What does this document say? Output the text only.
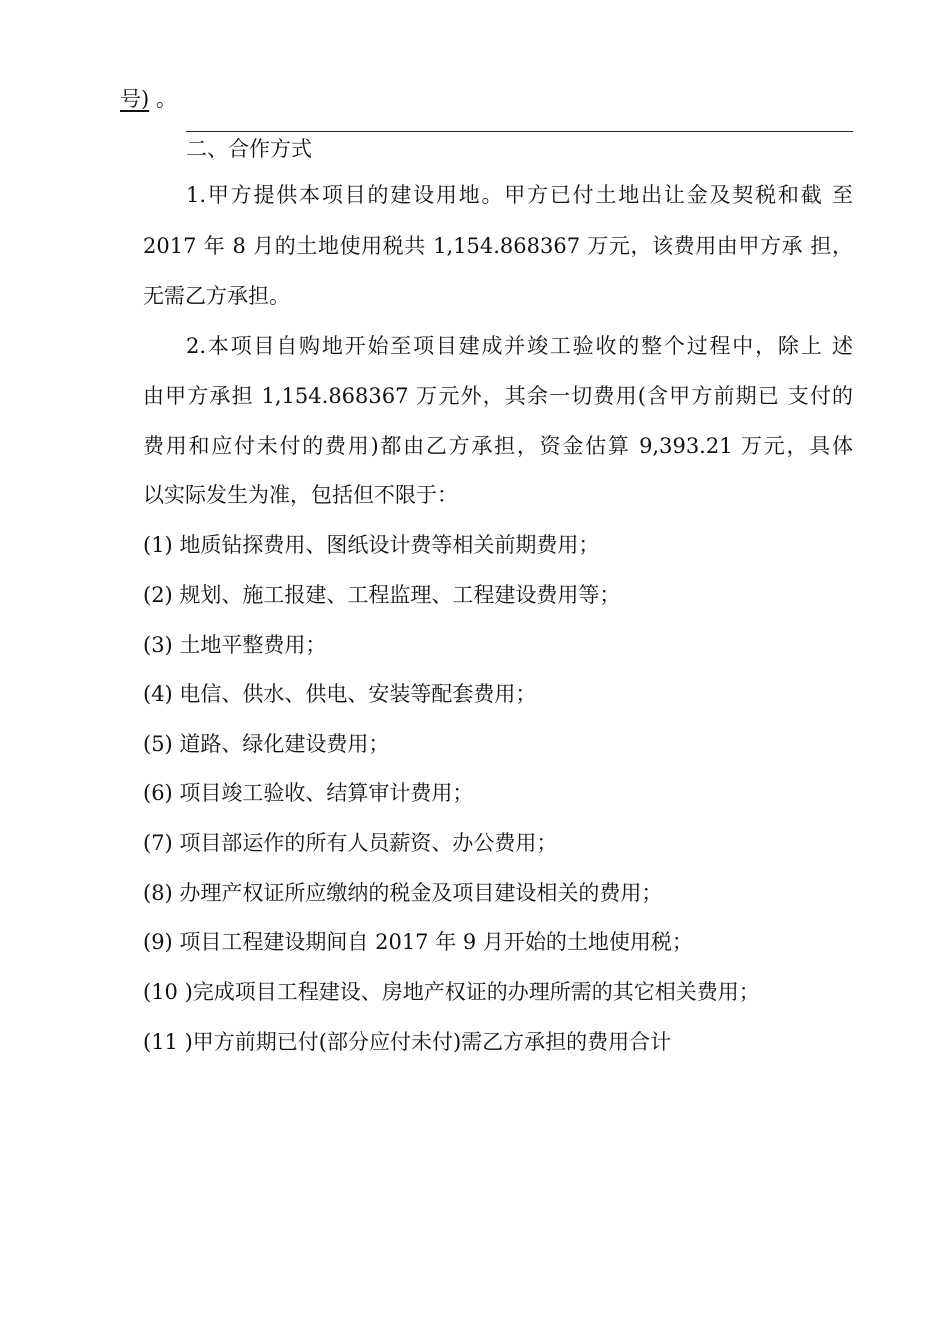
号) 。
二、合作方式
1.甲方提供本项目的建设用地。甲方已付土地出让金及契税和截 至
2017 年 8 月的土地使用税共 1,154.868367 万元，该费用由甲方承 担，
无需乙方承担。
2.本项目自购地开始至项目建成并竣工验收的整个过程中，除上 述
由甲方承担 1,154.868367 万元外，其余一切费用(含甲方前期已 支付的
费用和应付未付的费用)都由乙方承担，资金估算 9,393.21 万元，具体
以实际发生为准，包括但不限于：
(1) 地质钻探费用、图纸设计费等相关前期费用；
(2) 规划、施工报建、工程监理、工程建设费用等；
(3) 土地平整费用；
(4) 电信、供水、供电、安装等配套费用；
(5) 道路、绿化建设费用；
(6) 项目竣工验收、结算审计费用；
(7) 项目部运作的所有人员薪资、办公费用；
(8) 办理产权证所应缴纳的税金及项目建设相关的费用；
(9) 项目工程建设期间自 2017 年 9 月开始的土地使用税；
(10 )完成项目工程建设、房地产权证的办理所需的其它相关费用；
(11 )甲方前期已付(部分应付未付)需乙方承担的费用合计
